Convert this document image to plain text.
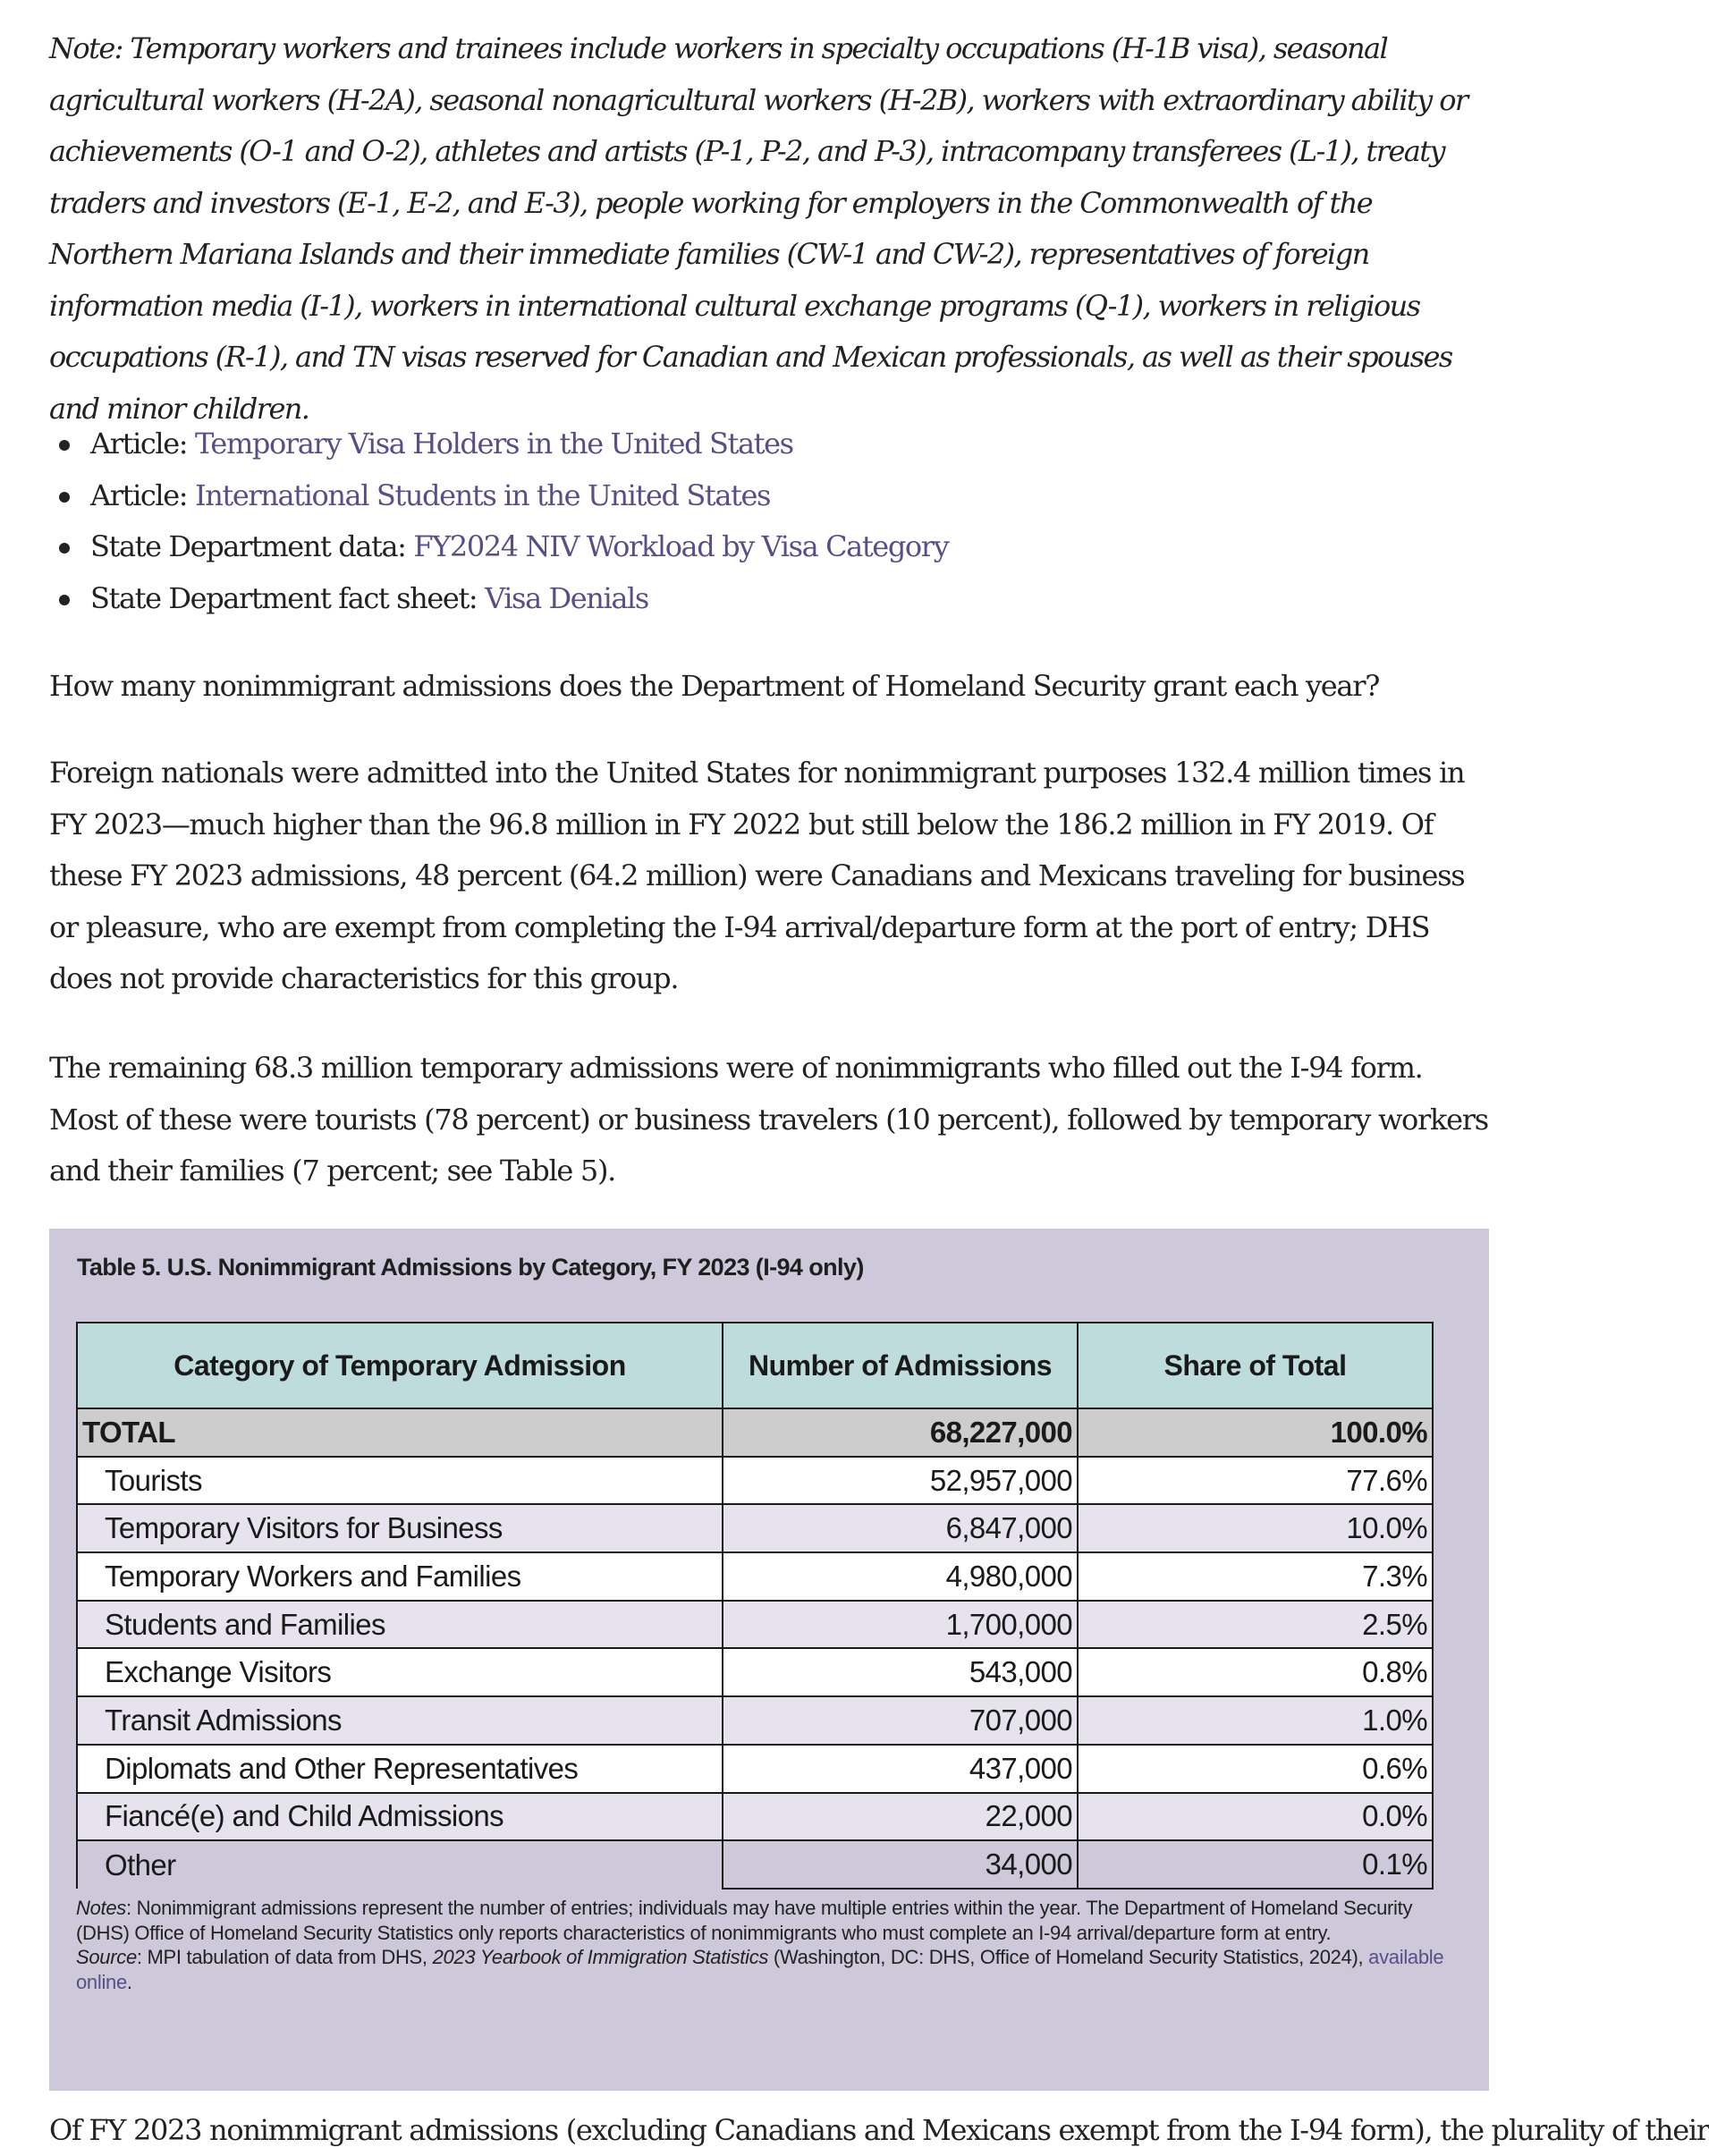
Note: Temporary workers and trainees include workers in specialty occupations (H-1B visa), seasonal agricultural workers (H-2A), seasonal nonagricultural workers (H-2B), workers with extraordinary ability or achievements (O-1 and O-2), athletes and artists (P-1, P-2, and P-3), intracompany transferees (L-1), treaty traders and investors (E-1, E-2, and E-3), people working for employers in the Commonwealth of the Northern Mariana Islands and their immediate families (CW-1 and CW-2), representatives of foreign information media (I-1), workers in international cultural exchange programs (Q-1), workers in religious occupations (R-1), and TN visas reserved for Canadian and Mexican professionals, as well as their spouses and minor children.
Article: Temporary Visa Holders in the United States
Article: International Students in the United States
State Department data: FY2024 NIV Workload by Visa Category
State Department fact sheet: Visa Denials

How many nonimmigrant admissions does the Department of Homeland Security grant each year?

Foreign nationals were admitted into the United States for nonimmigrant purposes 132.4 million times in FY 2023—much higher than the 96.8 million in FY 2022 but still below the 186.2 million in FY 2019. Of these FY 2023 admissions, 48 percent (64.2 million) were Canadians and Mexicans traveling for business or pleasure, who are exempt from completing the I-94 arrival/departure form at the port of entry; DHS does not provide characteristics for this group.

The remaining 68.3 million temporary admissions were of nonimmigrants who filled out the I-94 form. Most of these were tourists (78 percent) or business travelers (10 percent), followed by temporary workers and their families (7 percent; see Table 5).

Table 5. U.S. Nonimmigrant Admissions by Category, FY 2023 (I-94 only)
Category of Temporary Admission	Number of Admissions	Share of Total
TOTAL	68,227,000	100.0%
Tourists	52,957,000	77.6%
Temporary Visitors for Business	6,847,000	10.0%
Temporary Workers and Families	4,980,000	7.3%
Students and Families	1,700,000	2.5%
Exchange Visitors	543,000	0.8%
Transit Admissions	707,000	1.0%
Diplomats and Other Representatives	437,000	0.6%
Fiancé(e) and Child Admissions	22,000	0.0%
Other	34,000	0.1%
Notes: Nonimmigrant admissions represent the number of entries; individuals may have multiple entries within the year. The Department of Homeland Security (DHS) Office of Homeland Security Statistics only reports characteristics of nonimmigrants who must complete an I-94 arrival/departure form at entry.
Source: MPI tabulation of data from DHS, 2023 Yearbook of Immigration Statistics (Washington, DC: DHS, Office of Homeland Security Statistics, 2024), available online.
Of FY 2023 nonimmigrant admissions (excluding Canadians and Mexicans exempt from the I-94 form), the plurality of their
